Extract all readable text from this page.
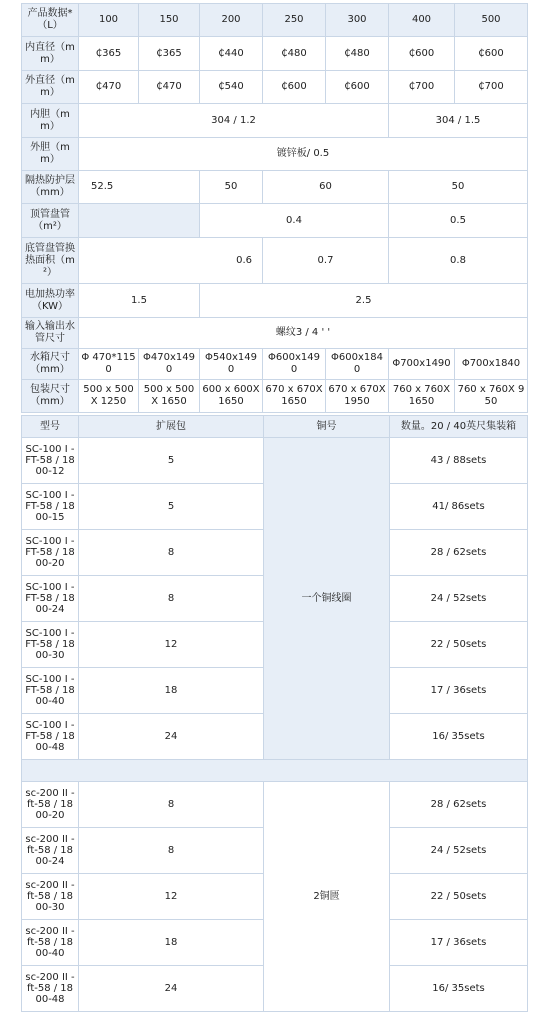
产品数据*（L）	100	150	200	250	300	400	500
内直径（mm）	₵365	₵365	₵440	₵480	₵480	₵600	₵600
外直径（mm）	₵470	₵470	₵540	₵600	₵600	₵700	₵700
内胆（mm）	304 / 1.2					304 / 1.5	
外胆（mm）	镀锌板/ 0.5						
隔热防护层（mm）	52.5		50	60		50	
顶管盘管（m²）			0.4			0.5	
底管盘管换热面积（m²）	0.6			0.7		0.8	
电加热功率（KW）	1.5		2.5				
输入输出水管尺寸	螺纹3 / 4 ' '						
水箱尺寸（mm）	Φ 470*1150	Φ470x1490	Φ540x1490	Φ600x1490	Φ600x1840	Φ700x1490	Φ700x1840
包装尺寸（mm）	500 x 500X 1250	500 x 500X 1650	600 x 600X 1650	670 x 670X 1650	670 x 670X 1950	760 x 760X 1650	760 x 760X 950
型号	扩展包	铜号	数量。20 / 40英尺集装箱
SC-100 I -FT-58 / 1800-12	5	一个铜线圈	43 / 88sets
SC-100 I -FT-58 / 1800-15	5		41/ 86sets
SC-100 I -FT-58 / 1800-20	8		28 / 62sets
SC-100 I -FT-58 / 1800-24	8		24 / 52sets
SC-100 I -FT-58 / 1800-30	12		22 / 50sets
SC-100 I -FT-58 / 1800-40	18		17 / 36sets
SC-100 I -FT-58 / 1800-48	24		16/ 35sets

sc-200 II -ft-58 / 1800-20	8	2铜匮	28 / 62sets
sc-200 II -ft-58 / 1800-24	8		24 / 52sets
sc-200 II -ft-58 / 1800-30	12		22 / 50sets
sc-200 II -ft-58 / 1800-40	18		17 / 36sets
sc-200 II -ft-58 / 1800-48	24		16/ 35sets
